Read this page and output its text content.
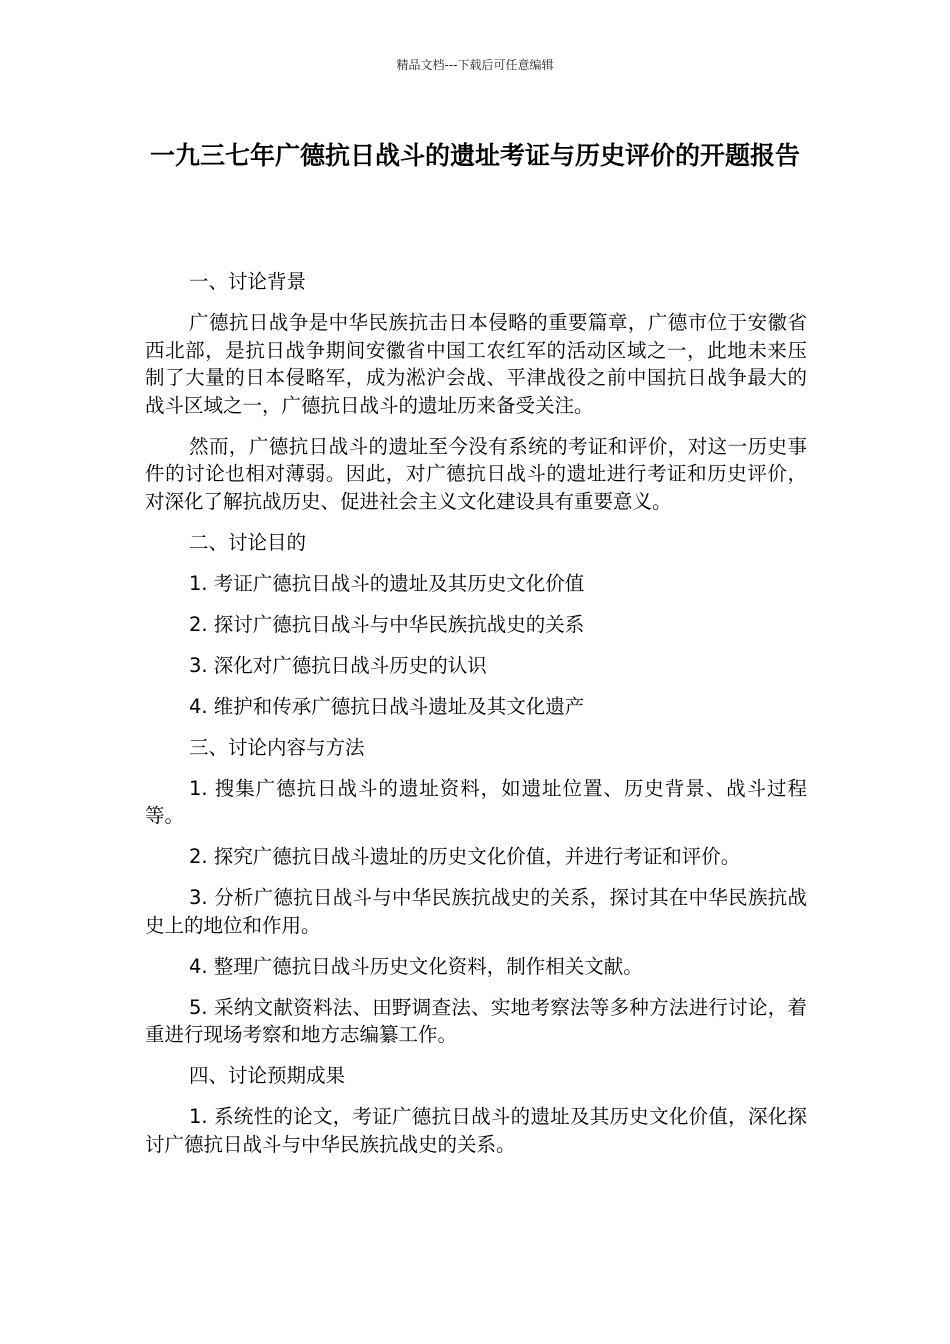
精品文档---下载后可任意编辑
一九三七年广德抗日战斗的遗址考证与历史评价的开题报告
一、讨论背景

广德抗日战争是中华民族抗击日本侵略的重要篇章，广德市位于安徽省西北部，是抗日战争期间安徽省中国工农红军的活动区域之一，此地未来压制了大量的日本侵略军，成为淞沪会战、平津战役之前中国抗日战争最大的战斗区域之一，广德抗日战斗的遗址历来备受关注。

然而，广德抗日战斗的遗址至今没有系统的考证和评价，对这一历史事件的讨论也相对薄弱。因此，对广德抗日战斗的遗址进行考证和历史评价，对深化了解抗战历史、促进社会主义文化建设具有重要意义。

二、讨论目的

1. 考证广德抗日战斗的遗址及其历史文化价值

2. 探讨广德抗日战斗与中华民族抗战史的关系

3. 深化对广德抗日战斗历史的认识

4. 维护和传承广德抗日战斗遗址及其文化遗产

三、讨论内容与方法

1. 搜集广德抗日战斗的遗址资料，如遗址位置、历史背景、战斗过程等。

2. 探究广德抗日战斗遗址的历史文化价值，并进行考证和评价。

3. 分析广德抗日战斗与中华民族抗战史的关系，探讨其在中华民族抗战史上的地位和作用。

4. 整理广德抗日战斗历史文化资料，制作相关文献。

5. 采纳文献资料法、田野调查法、实地考察法等多种方法进行讨论，着重进行现场考察和地方志编纂工作。

四、讨论预期成果

1. 系统性的论文，考证广德抗日战斗的遗址及其历史文化价值，深化探讨广德抗日战斗与中华民族抗战史的关系。
